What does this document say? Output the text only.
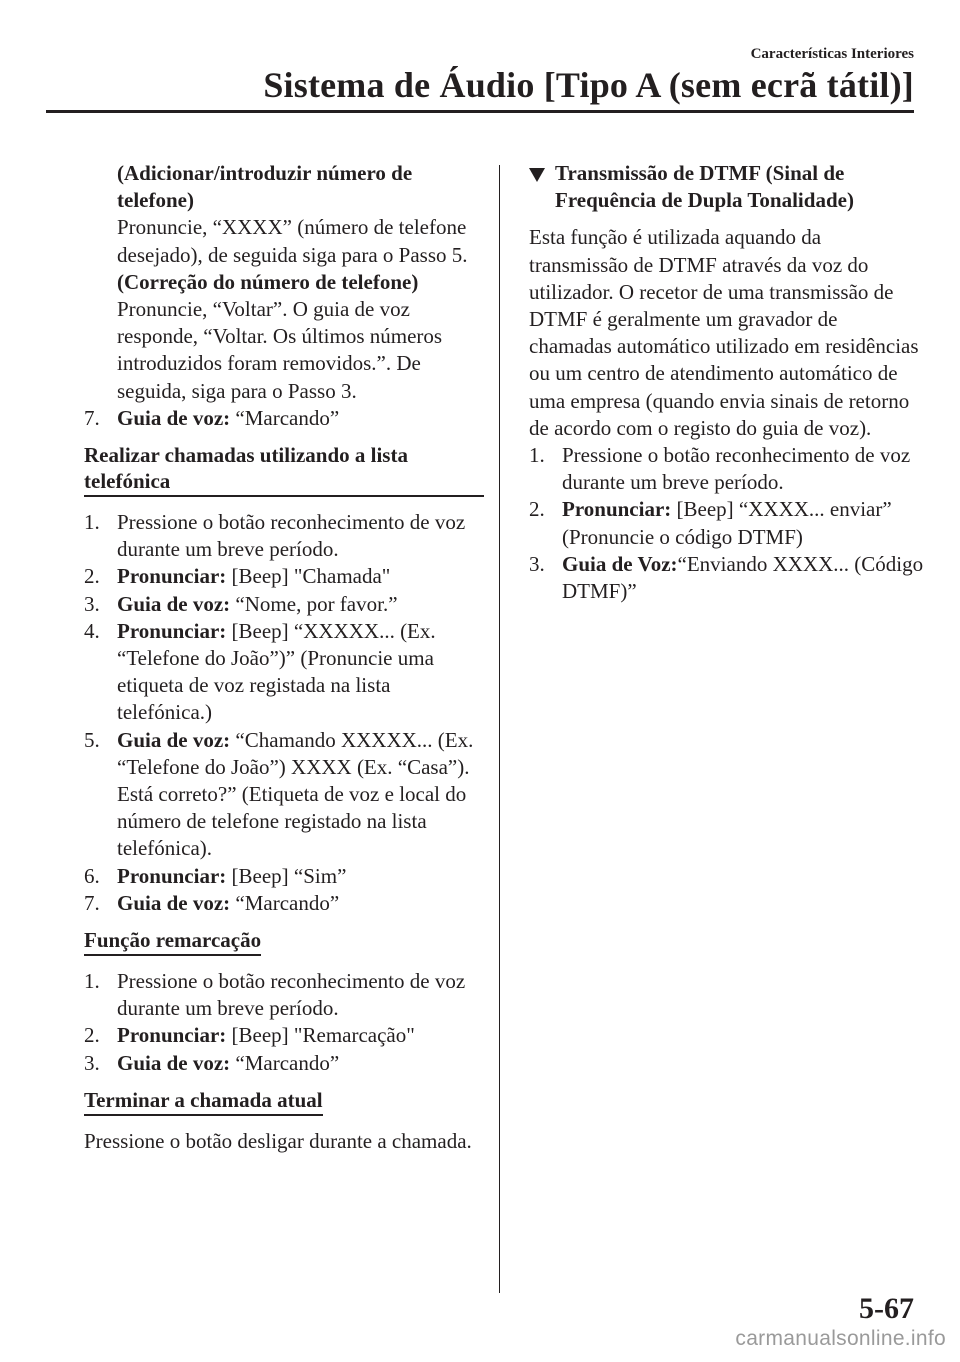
Características Interiores
Sistema de Áudio [Tipo A (sem ecrã tátil)]

(Adicionar/introduzir número de telefone)

Pronuncie, “XXXX” (número de telefone desejado), de seguida siga para o Passo 5.

(Correção do número de telefone)

Pronuncie, “Voltar”. O guia de voz responde, “Voltar. Os últimos números introduzidos foram removidos.”. De seguida, siga para o Passo 3.

7. Guia de voz: “Marcando”

Realizar chamadas utilizando a lista telefónica

1. Pressione o botão reconhecimento de voz durante um breve período.

2. Pronunciar: [Beep] "Chamada"

3. Guia de voz: “Nome, por favor.”

4. Pronunciar: [Beep] “XXXXX... (Ex. “Telefone do João”)” (Pronuncie uma etiqueta de voz registada na lista telefónica.)

5. Guia de voz: “Chamando XXXXX... (Ex. “Telefone do João”) XXXX (Ex. “Casa”). Está correto?” (Etiqueta de voz e local do número de telefone registado na lista telefónica).

6. Pronunciar: [Beep] “Sim”

7. Guia de voz: “Marcando”

Função remarcação

1. Pressione o botão reconhecimento de voz durante um breve período.

2. Pronunciar: [Beep] "Remarcação"

3. Guia de voz: “Marcando”

Terminar a chamada atual

Pressione o botão desligar durante a chamada.

Transmissão de DTMF (Sinal de Frequência de Dupla Tonalidade)

Esta função é utilizada aquando da transmissão de DTMF através da voz do utilizador. O recetor de uma transmissão de DTMF é geralmente um gravador de chamadas automático utilizado em residências ou um centro de atendimento automático de uma empresa (quando envia sinais de retorno de acordo com o registo do guia de voz).

1. Pressione o botão reconhecimento de voz durante um breve período.

2. Pronunciar: [Beep] “XXXX... enviar” (Pronuncie o código DTMF)

3. Guia de Voz:“Enviando XXXX... (Código DTMF)”

5-67
carmanualsonline.info
